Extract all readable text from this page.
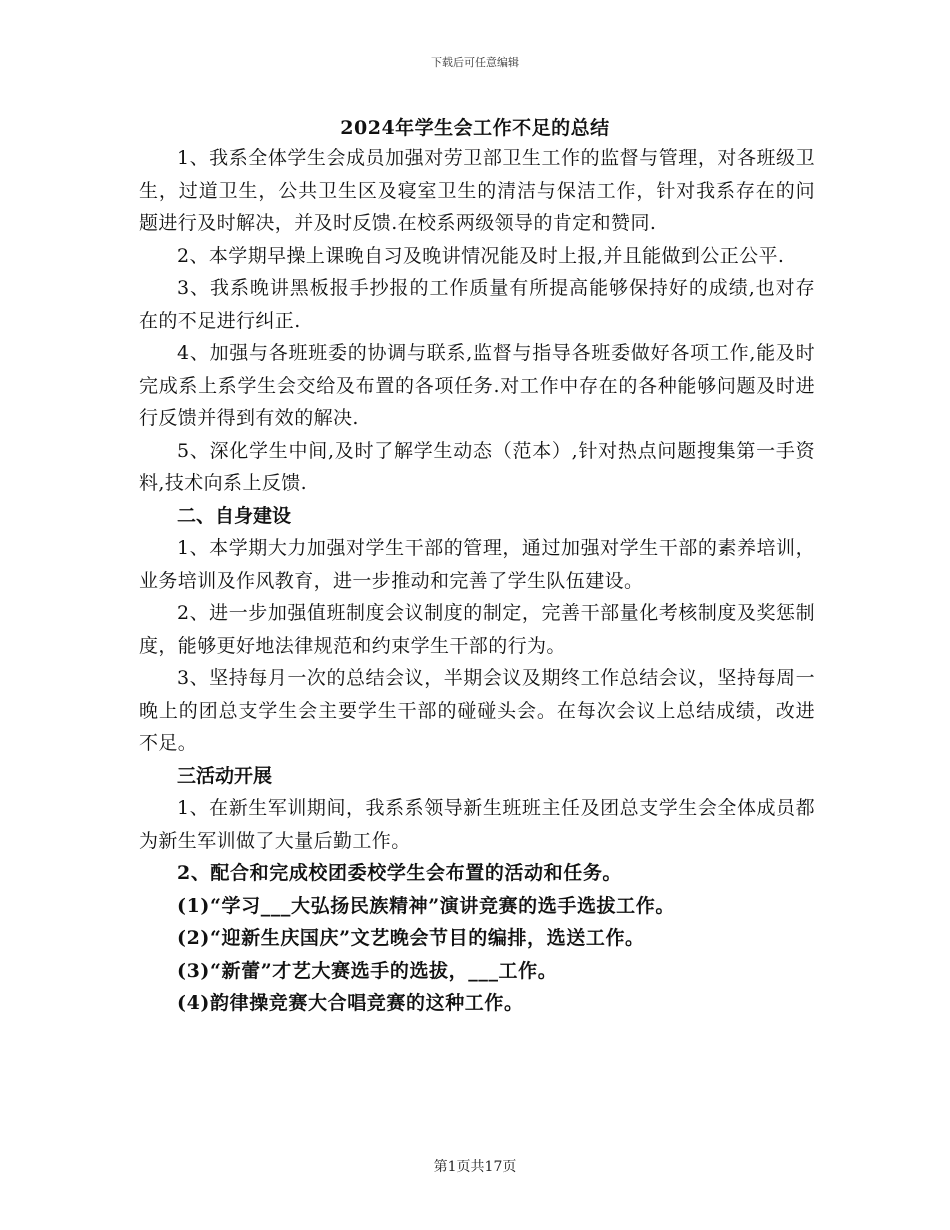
下载后可任意编辑
2024年学生会工作不足的总结

1、我系全体学生会成员加强对劳卫部卫生工作的监督与管理，对各班级卫生，过道卫生，公共卫生区及寝室卫生的清洁与保洁工作，针对我系存在的问题进行及时解决，并及时反馈.在校系两级领导的肯定和赞同.

2、本学期早操上课晚自习及晚讲情况能及时上报,并且能做到公正公平.

3、我系晚讲黑板报手抄报的工作质量有所提高能够保持好的成绩,也对存在的不足进行纠正.

4、加强与各班班委的协调与联系,监督与指导各班委做好各项工作,能及时完成系上系学生会交给及布置的各项任务.对工作中存在的各种能够问题及时进行反馈并得到有效的解决.

5、深化学生中间,及时了解学生动态（范本）,针对热点问题搜集第一手资料,技术向系上反馈.

二、自身建设

1、本学期大力加强对学生干部的管理，通过加强对学生干部的素养培训，业务培训及作风教育，进一步推动和完善了学生队伍建设。

2、进一步加强值班制度会议制度的制定，完善干部量化考核制度及奖惩制度，能够更好地法律规范和约束学生干部的行为。

3、坚持每月一次的总结会议，半期会议及期终工作总结会议，坚持每周一晚上的团总支学生会主要学生干部的碰碰头会。在每次会议上总结成绩，改进不足。

三活动开展

1、在新生军训期间，我系系领导新生班班主任及团总支学生会全体成员都为新生军训做了大量后勤工作。

2、配合和完成校团委校学生会布置的活动和任务。

(1)“学习___大弘扬民族精神”演讲竞赛的选手选拔工作。

(2)“迎新生庆国庆”文艺晚会节目的编排，选送工作。

(3)“新蕾”才艺大赛选手的选拔，___工作。

(4)韵律操竞赛大合唱竞赛的这种工作。

第1页共17页
